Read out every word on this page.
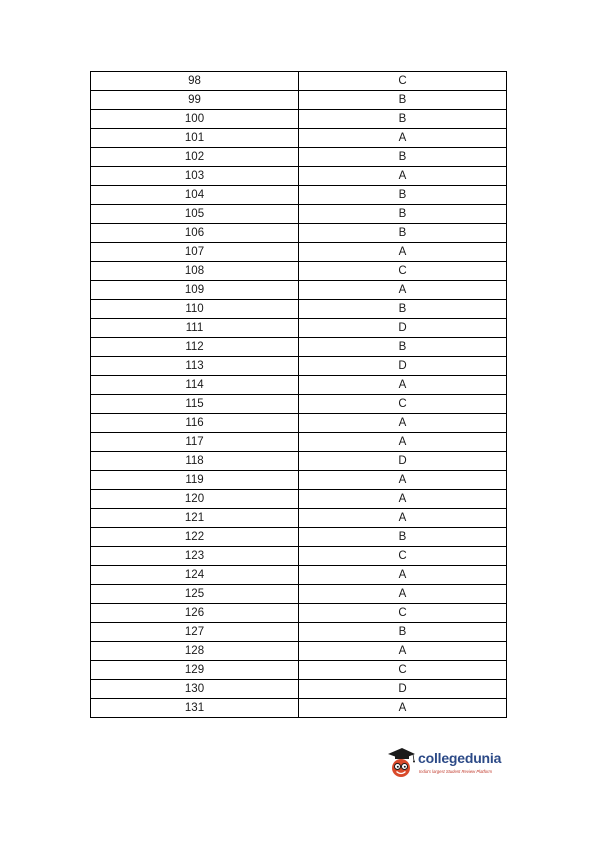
98	C
99	B
100	B
101	A
102	B
103	A
104	B
105	B
106	B
107	A
108	C
109	A
110	B
111	D
112	B
113	D
114	A
115	C
116	A
117	A
118	D
119	A
120	A
121	A
122	B
123	C
124	A
125	A
126	C
127	B
128	A
129	C
130	D
131	A
collegedunia
India's largest Student Review Platform
